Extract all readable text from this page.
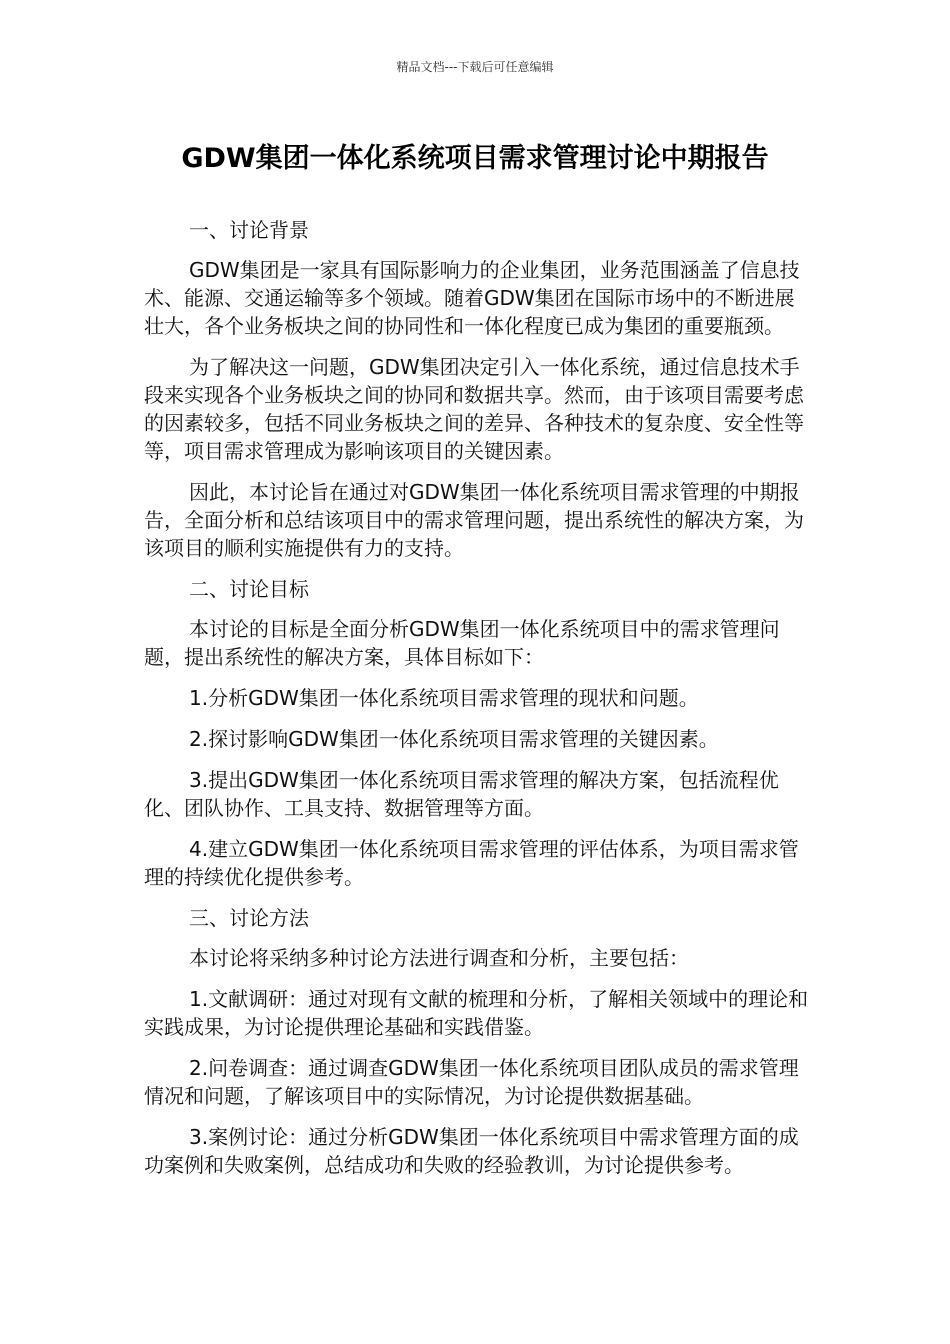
精品文档---下载后可任意编辑
GDW集团一体化系统项目需求管理讨论中期报告

一、讨论背景

GDW集团是一家具有国际影响力的企业集团，业务范围涵盖了信息技术、能源、交通运输等多个领域。随着GDW集团在国际市场中的不断进展壮大，各个业务板块之间的协同性和一体化程度已成为集团的重要瓶颈。

为了解决这一问题，GDW集团决定引入一体化系统，通过信息技术手段来实现各个业务板块之间的协同和数据共享。然而，由于该项目需要考虑的因素较多，包括不同业务板块之间的差异、各种技术的复杂度、安全性等等，项目需求管理成为影响该项目的关键因素。

因此，本讨论旨在通过对GDW集团一体化系统项目需求管理的中期报告，全面分析和总结该项目中的需求管理问题，提出系统性的解决方案，为该项目的顺利实施提供有力的支持。

二、讨论目标

本讨论的目标是全面分析GDW集团一体化系统项目中的需求管理问题，提出系统性的解决方案，具体目标如下：

1.分析GDW集团一体化系统项目需求管理的现状和问题。

2.探讨影响GDW集团一体化系统项目需求管理的关键因素。

3.提出GDW集团一体化系统项目需求管理的解决方案，包括流程优化、团队协作、工具支持、数据管理等方面。

4.建立GDW集团一体化系统项目需求管理的评估体系，为项目需求管理的持续优化提供参考。

三、讨论方法

本讨论将采纳多种讨论方法进行调查和分析，主要包括：

1.文献调研：通过对现有文献的梳理和分析，了解相关领域中的理论和实践成果，为讨论提供理论基础和实践借鉴。

2.问卷调查：通过调查GDW集团一体化系统项目团队成员的需求管理情况和问题，了解该项目中的实际情况，为讨论提供数据基础。

3.案例讨论：通过分析GDW集团一体化系统项目中需求管理方面的成功案例和失败案例，总结成功和失败的经验教训，为讨论提供参考。
